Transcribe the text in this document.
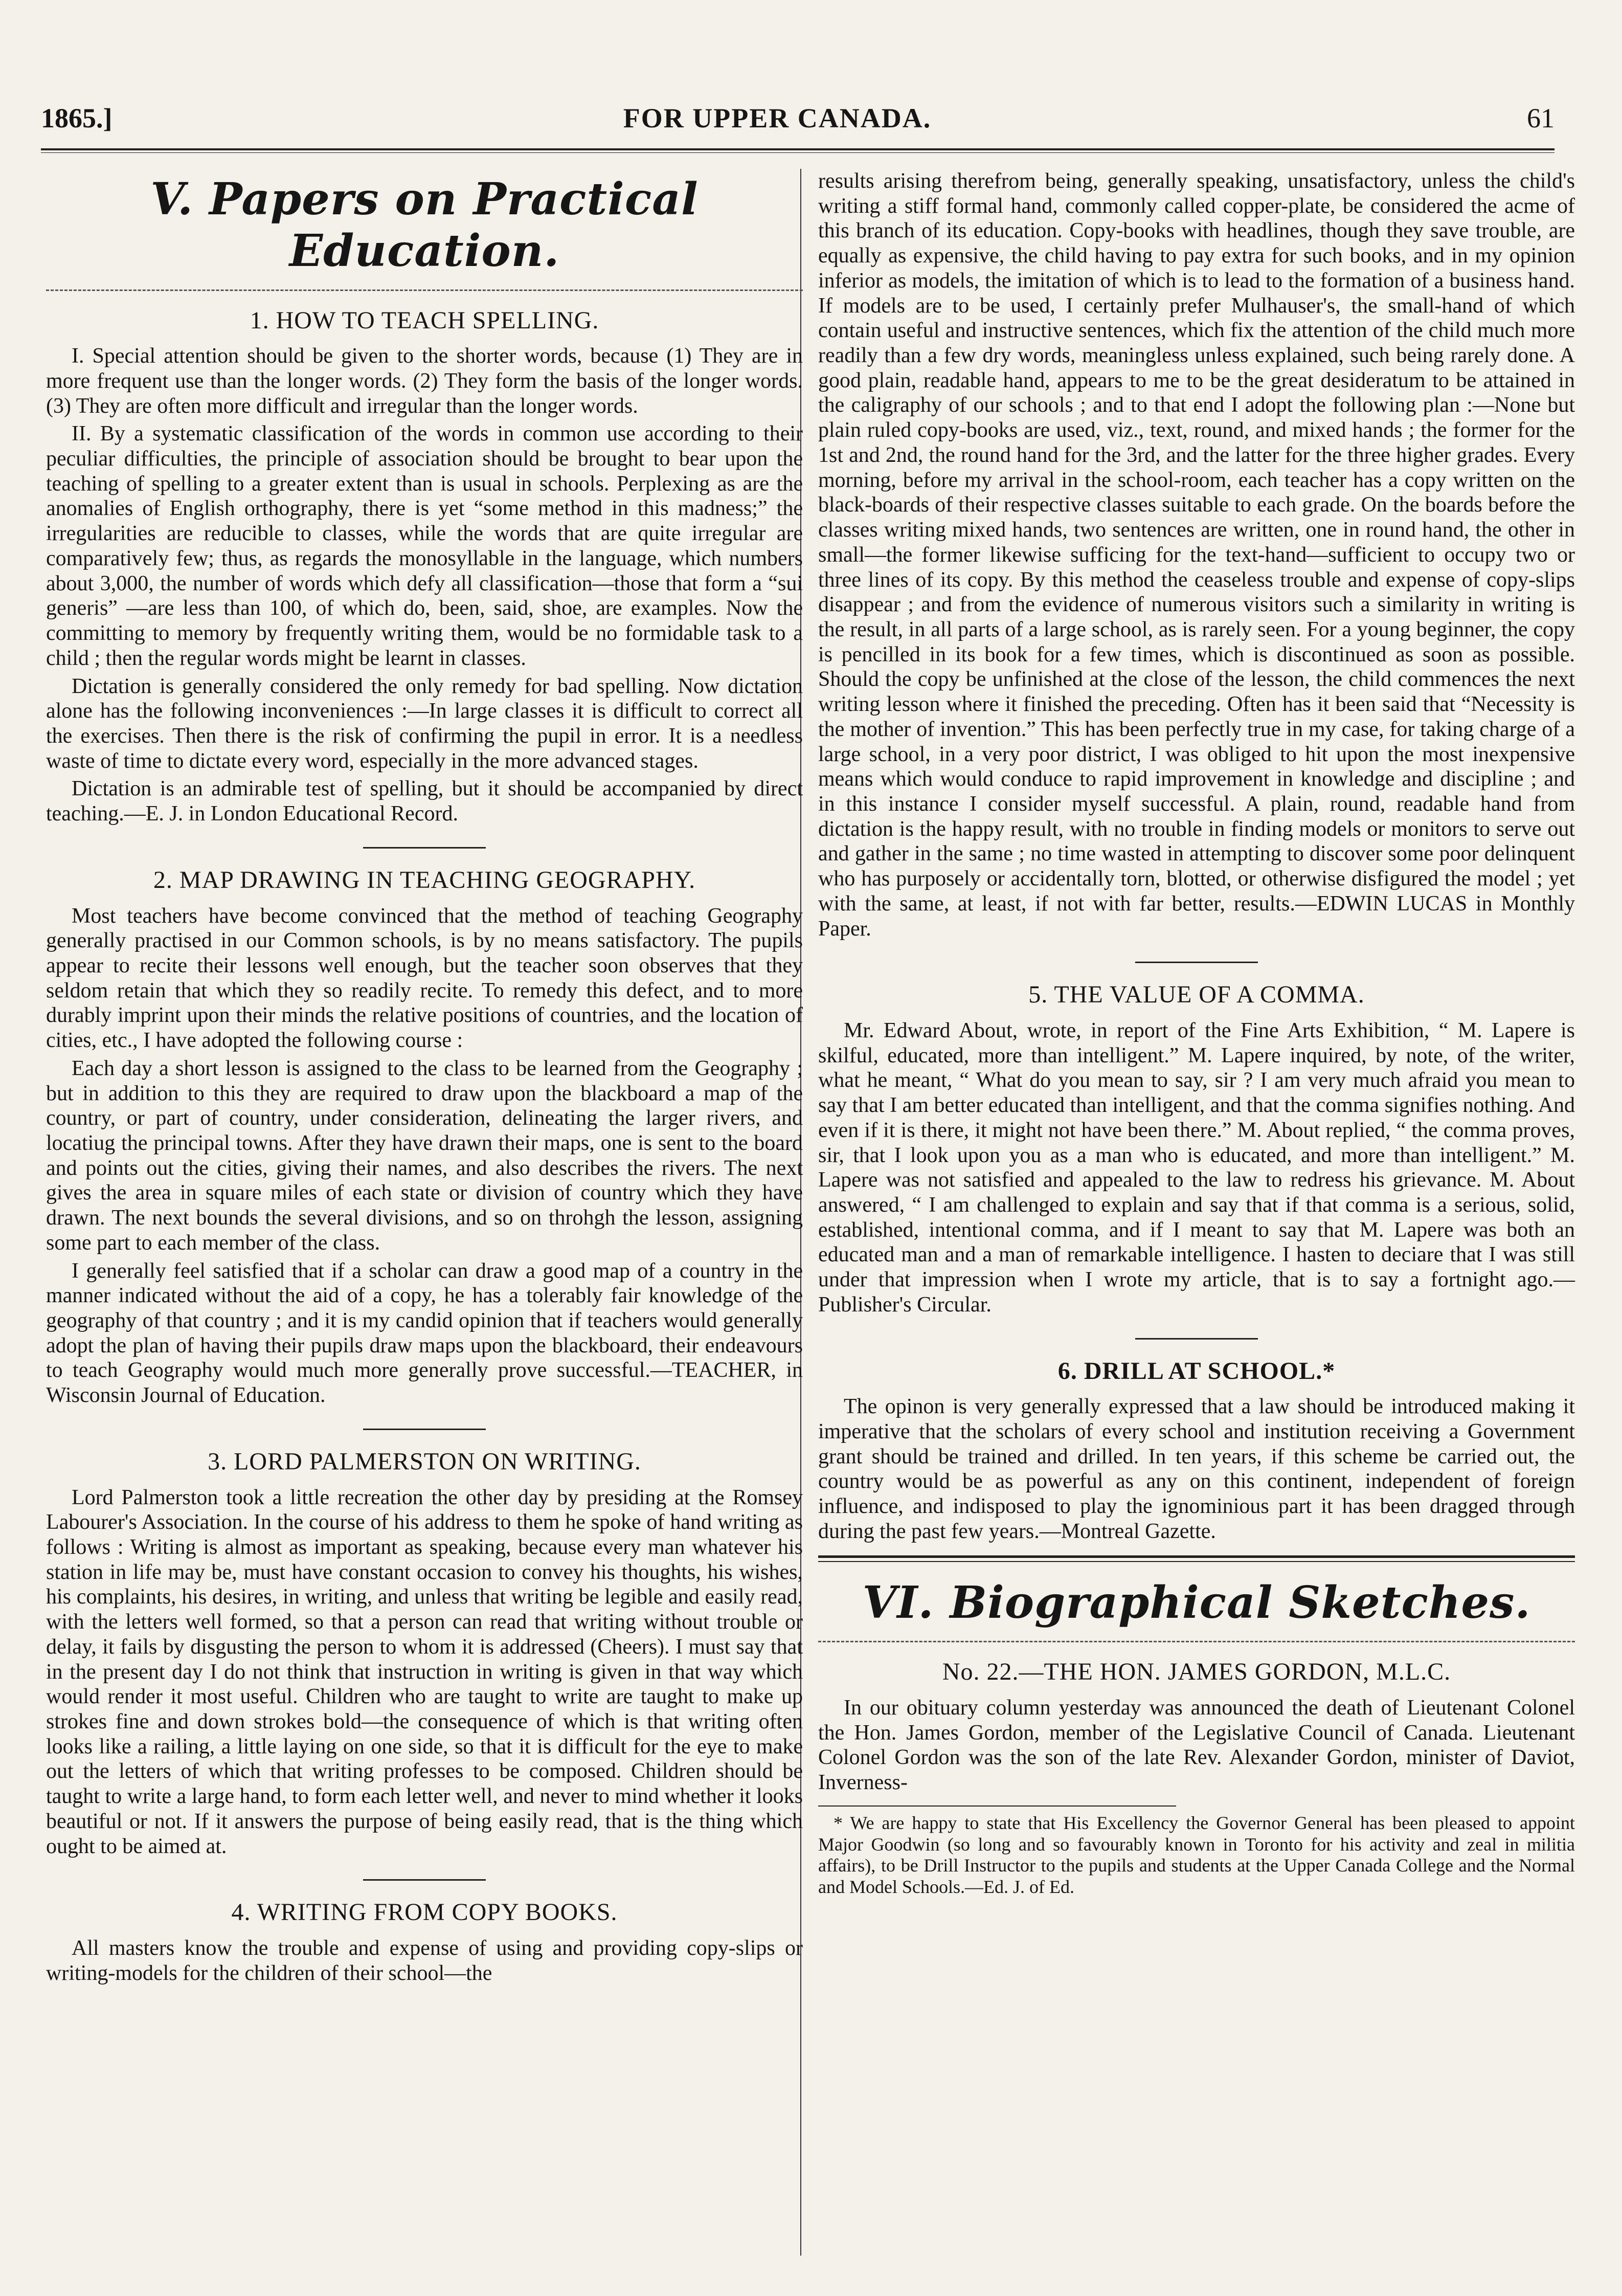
1865.]	FOR UPPER CANADA.	61
V. Papers on Practical Education.
1. HOW TO TEACH SPELLING.

I. Special attention should be given to the shorter words, because (1) They are in more frequent use than the longer words. (2) They form the basis of the longer words. (3) They are often more difficult and irregular than the longer words.

II. By a systematic classification of the words in common use according to their peculiar difficulties, the principle of association should be brought to bear upon the teaching of spelling to a greater extent than is usual in schools. Perplexing as are the anomalies of English orthography, there is yet “some method in this madness;” the irregularities are reducible to classes, while the words that are quite irregular are comparatively few; thus, as regards the monosyllable in the language, which numbers about 3,000, the number of words which defy all classification—those that form a “sui generis” —are less than 100, of which do, been, said, shoe, are examples. Now the committing to memory by frequently writing them, would be no formidable task to a child ; then the regular words might be learnt in classes.

Dictation is generally considered the only remedy for bad spelling. Now dictation alone has the following inconveniences :—In large classes it is difficult to correct all the exercises. Then there is the risk of confirming the pupil in error. It is a needless waste of time to dictate every word, especially in the more advanced stages.

Dictation is an admirable test of spelling, but it should be accompanied by direct teaching.—E. J. in London Educational Record.

2. MAP DRAWING IN TEACHING GEOGRAPHY.

Most teachers have become convinced that the method of teaching Geography generally practised in our Common schools, is by no means satisfactory. The pupils appear to recite their lessons well enough, but the teacher soon observes that they seldom retain that which they so readily recite. To remedy this defect, and to more durably imprint upon their minds the relative positions of countries, and the location of cities, etc., I have adopted the following course :

Each day a short lesson is assigned to the class to be learned from the Geography ; but in addition to this they are required to draw upon the blackboard a map of the country, or part of country, under consideration, delineating the larger rivers, and locatiug the principal towns. After they have drawn their maps, one is sent to the board and points out the cities, giving their names, and also describes the rivers. The next gives the area in square miles of each state or division of country which they have drawn. The next bounds the several divisions, and so on throhgh the lesson, assigning some part to each member of the class.

I generally feel satisfied that if a scholar can draw a good map of a country in the manner indicated without the aid of a copy, he has a tolerably fair knowledge of the geography of that country ; and it is my candid opinion that if teachers would generally adopt the plan of having their pupils draw maps upon the blackboard, their endeavours to teach Geography would much more generally prove successful.—TEACHER, in Wisconsin Journal of Education.

3. LORD PALMERSTON ON WRITING.

Lord Palmerston took a little recreation the other day by presiding at the Romsey Labourer's Association. In the course of his address to them he spoke of hand writing as follows : Writing is almost as important as speaking, because every man whatever his station in life may be, must have constant occasion to convey his thoughts, his wishes, his complaints, his desires, in writing, and unless that writing be legible and easily read, with the letters well formed, so that a person can read that writing without trouble or delay, it fails by disgusting the person to whom it is addressed (Cheers). I must say that in the present day I do not think that instruction in writing is given in that way which would render it most useful. Children who are taught to write are taught to make up strokes fine and down strokes bold—the consequence of which is that writing often looks like a railing, a little laying on one side, so that it is difficult for the eye to make out the letters of which that writing professes to be composed. Children should be taught to write a large hand, to form each letter well, and never to mind whether it looks beautiful or not. If it answers the purpose of being easily read, that is the thing which ought to be aimed at.

4. WRITING FROM COPY BOOKS.

All masters know the trouble and expense of using and providing copy-slips or writing-models for the children of their school—the

results arising therefrom being, generally speaking, unsatisfactory, unless the child's writing a stiff formal hand, commonly called copper-plate, be considered the acme of this branch of its education. Copy-books with headlines, though they save trouble, are equally as expensive, the child having to pay extra for such books, and in my opinion inferior as models, the imitation of which is to lead to the formation of a business hand. If models are to be used, I certainly prefer Mulhauser's, the small-hand of which contain useful and instructive sentences, which fix the attention of the child much more readily than a few dry words, meaningless unless explained, such being rarely done. A good plain, readable hand, appears to me to be the great desideratum to be attained in the caligraphy of our schools ; and to that end I adopt the following plan :—None but plain ruled copy-books are used, viz., text, round, and mixed hands ; the former for the 1st and 2nd, the round hand for the 3rd, and the latter for the three higher grades. Every morning, before my arrival in the school-room, each teacher has a copy written on the black-boards of their respective classes suitable to each grade. On the boards before the classes writing mixed hands, two sentences are written, one in round hand, the other in small—the former likewise sufficing for the text-hand—sufficient to occupy two or three lines of its copy. By this method the ceaseless trouble and expense of copy-slips disappear ; and from the evidence of numerous visitors such a similarity in writing is the result, in all parts of a large school, as is rarely seen. For a young beginner, the copy is pencilled in its book for a few times, which is discontinued as soon as possible. Should the copy be unfinished at the close of the lesson, the child commences the next writing lesson where it finished the preceding. Often has it been said that “Necessity is the mother of invention.” This has been perfectly true in my case, for taking charge of a large school, in a very poor district, I was obliged to hit upon the most inexpensive means which would conduce to rapid improvement in knowledge and discipline ; and in this instance I consider myself successful. A plain, round, readable hand from dictation is the happy result, with no trouble in finding models or monitors to serve out and gather in the same ; no time wasted in attempting to discover some poor delinquent who has purposely or accidentally torn, blotted, or otherwise disfigured the model ; yet with the same, at least, if not with far better, results.—EDWIN LUCAS in Monthly Paper.

5. THE VALUE OF A COMMA.

Mr. Edward About, wrote, in report of the Fine Arts Exhibition, “ M. Lapere is skilful, educated, more than intelligent.” M. Lapere inquired, by note, of the writer, what he meant, “ What do you mean to say, sir ? I am very much afraid you mean to say that I am better educated than intelligent, and that the comma signifies nothing. And even if it is there, it might not have been there.” M. About replied, “ the comma proves, sir, that I look upon you as a man who is educated, and more than intelligent.” M. Lapere was not satisfied and appealed to the law to redress his grievance. M. About answered, “ I am challenged to explain and say that if that comma is a serious, solid, established, intentional comma, and if I meant to say that M. Lapere was both an educated man and a man of remarkable intelligence. I hasten to deciare that I was still under that impression when I wrote my article, that is to say a fortnight ago.—Publisher's Circular.

6. DRILL AT SCHOOL.*

The opinon is very generally expressed that a law should be introduced making it imperative that the scholars of every school and institution receiving a Government grant should be trained and drilled. In ten years, if this scheme be carried out, the country would be as powerful as any on this continent, independent of foreign influence, and indisposed to play the ignominious part it has been dragged through during the past few years.—Montreal Gazette.

VI. Biographical Sketches.
No. 22.—THE HON. JAMES GORDON, M.L.C.

In our obituary column yesterday was announced the death of Lieutenant Colonel the Hon. James Gordon, member of the Legislative Council of Canada. Lieutenant Colonel Gordon was the son of the late Rev. Alexander Gordon, minister of Daviot, Inverness-

* We are happy to state that His Excellency the Governor General has been pleased to appoint Major Goodwin (so long and so favourably known in Toronto for his activity and zeal in militia affairs), to be Drill Instructor to the pupils and students at the Upper Canada College and the Normal and Model Schools.—Ed. J. of Ed.
